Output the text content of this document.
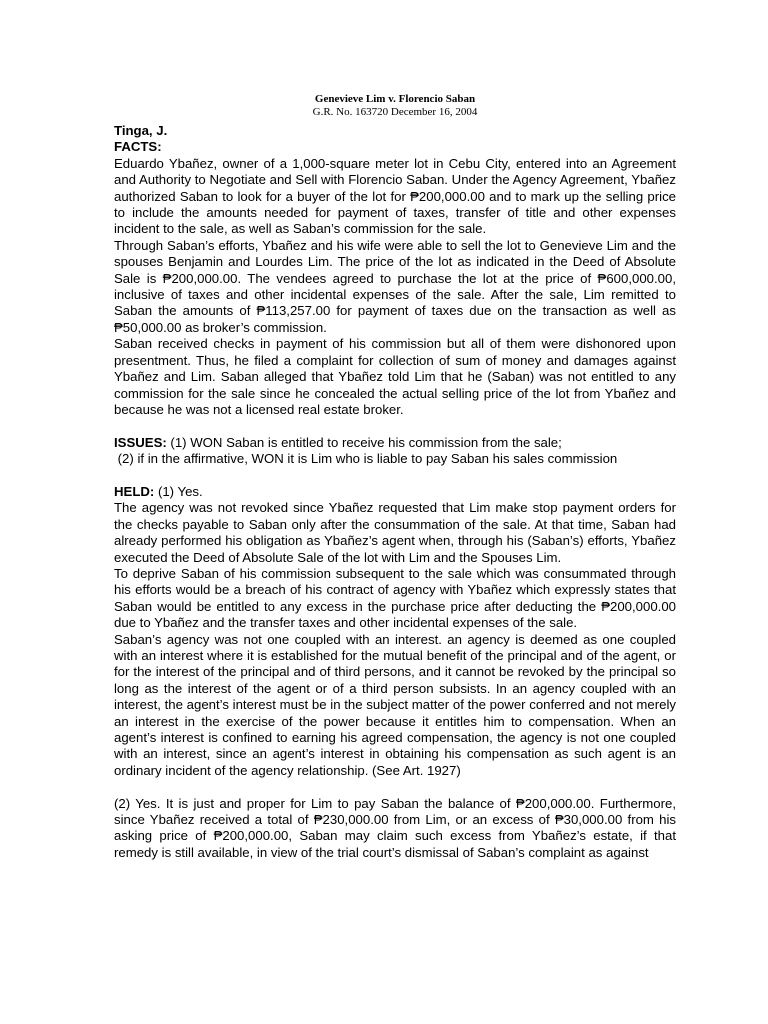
Genevieve Lim v. Florencio Saban
G.R. No. 163720 December 16, 2004

Tinga, J.

FACTS:

Eduardo Ybañez, owner of a 1,000-square meter lot in Cebu City, entered into an Agreement and Authority to Negotiate and Sell with Florencio Saban. Under the Agency Agreement, Ybañez authorized Saban to look for a buyer of the lot for ₱200,000.00 and to mark up the selling price to include the amounts needed for payment of taxes, transfer of title and other expenses incident to the sale, as well as Saban’s commission for the sale.

Through Saban’s efforts, Ybañez and his wife were able to sell the lot to Genevieve Lim and the spouses Benjamin and Lourdes Lim. The price of the lot as indicated in the Deed of Absolute Sale is ₱200,000.00. The vendees agreed to purchase the lot at the price of ₱600,000.00, inclusive of taxes and other incidental expenses of the sale. After the sale, Lim remitted to Saban the amounts of ₱113,257.00 for payment of taxes due on the transaction as well as ₱50,000.00 as broker’s commission.

Saban received checks in payment of his commission but all of them were dishonored upon presentment. Thus, he filed a complaint for collection of sum of money and damages against Ybañez and Lim. Saban alleged that Ybañez told Lim that he (Saban) was not entitled to any commission for the sale since he concealed the actual selling price of the lot from Ybañez and because he was not a licensed real estate broker.

ISSUES: (1) WON Saban is entitled to receive his commission from the sale;

(2) if in the affirmative, WON it is Lim who is liable to pay Saban his sales commission

HELD: (1) Yes.

The agency was not revoked since Ybañez requested that Lim make stop payment orders for the checks payable to Saban only after the consummation of the sale. At that time, Saban had already performed his obligation as Ybañez’s agent when, through his (Saban’s) efforts, Ybañez executed the Deed of Absolute Sale of the lot with Lim and the Spouses Lim.

To deprive Saban of his commission subsequent to the sale which was consummated through his efforts would be a breach of his contract of agency with Ybañez which expressly states that Saban would be entitled to any excess in the purchase price after deducting the ₱200,000.00 due to Ybañez and the transfer taxes and other incidental expenses of the sale.

Saban’s agency was not one coupled with an interest. an agency is deemed as one coupled with an interest where it is established for the mutual benefit of the principal and of the agent, or for the interest of the principal and of third persons, and it cannot be revoked by the principal so long as the interest of the agent or of a third person subsists. In an agency coupled with an interest, the agent’s interest must be in the subject matter of the power conferred and not merely an interest in the exercise of the power because it entitles him to compensation. When an agent’s interest is confined to earning his agreed compensation, the agency is not one coupled with an interest, since an agent’s interest in obtaining his compensation as such agent is an ordinary incident of the agency relationship. (See Art. 1927)

(2) Yes. It is just and proper for Lim to pay Saban the balance of ₱200,000.00. Furthermore, since Ybañez received a total of ₱230,000.00 from Lim, or an excess of ₱30,000.00 from his asking price of ₱200,000.00, Saban may claim such excess from Ybañez’s estate, if that remedy is still available, in view of the trial court’s dismissal of Saban’s complaint as against
